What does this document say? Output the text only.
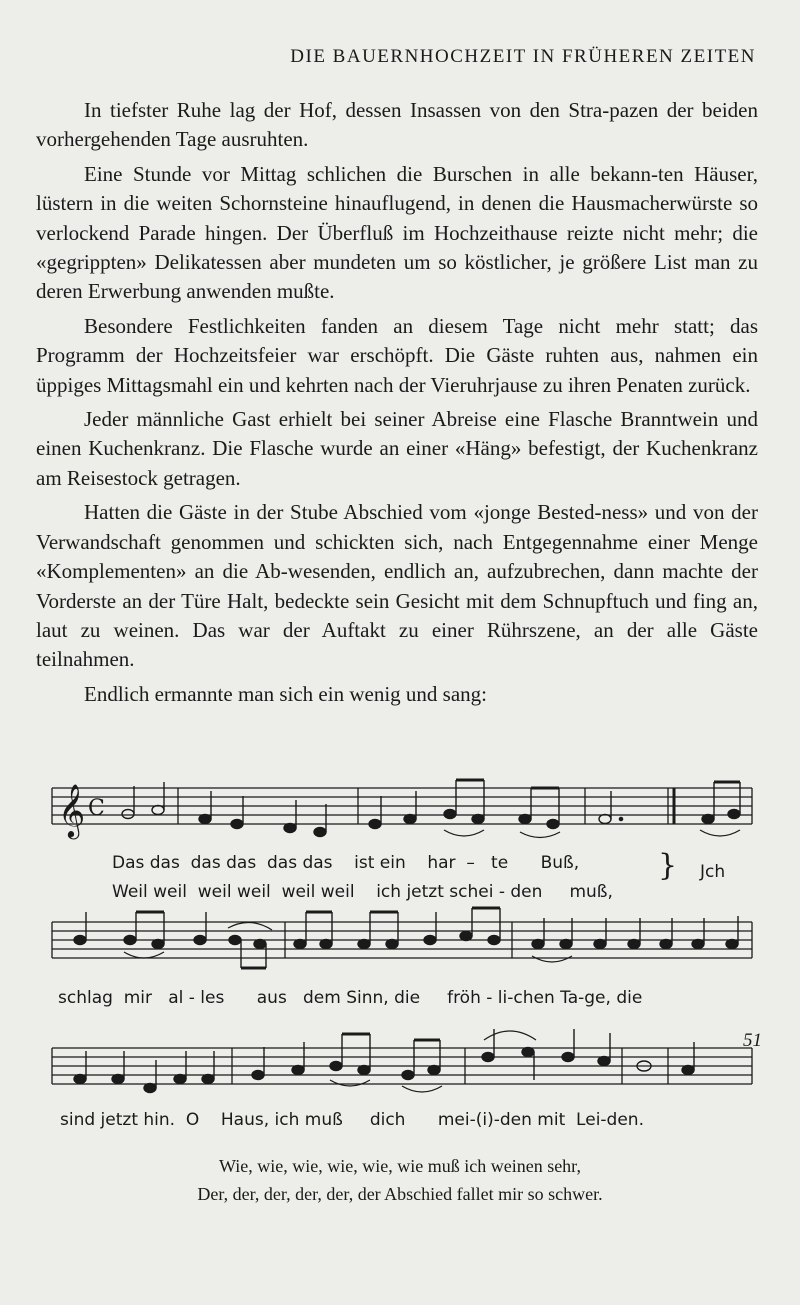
DIE BAUERNHOCHZEIT IN FRÜHEREN ZEITEN

In tiefster Ruhe lag der Hof, dessen Insassen von den Stra-pazen der beiden vorhergehenden Tage ausruhten.

Eine Stunde vor Mittag schlichen die Burschen in alle bekann-ten Häuser, lüstern in die weiten Schornsteine hinauflugend, in denen die Hausmacherwürste so verlockend Parade hingen. Der Überfluß im Hochzeithause reizte nicht mehr; die «gegrippten» Delikatessen aber mundeten um so köstlicher, je größere List man zu deren Erwerbung anwenden mußte.

Besondere Festlichkeiten fanden an diesem Tage nicht mehr statt; das Programm der Hochzeitsfeier war erschöpft. Die Gäste ruhten aus, nahmen ein üppiges Mittagsmahl ein und kehrten nach der Vieruhrjause zu ihren Penaten zurück.

Jeder männliche Gast erhielt bei seiner Abreise eine Flasche Branntwein und einen Kuchenkranz. Die Flasche wurde an einer «Häng» befestigt, der Kuchenkranz am Reisestock getragen.

Hatten die Gäste in der Stube Abschied vom «jonge Bested-ness» und von der Verwandschaft genommen und schickten sich, nach Entgegennahme einer Menge «Komplementen» an die Ab-wesenden, endlich an, aufzubrechen, dann machte der Vorderste an der Türe Halt, bedeckte sein Gesicht mit dem Schnupftuch und fing an, laut zu weinen. Das war der Auftakt zu einer Rührszene, an der alle Gäste teilnahmen.

Endlich ermannte man sich ein wenig und sang:

𝄞 C
Das das  das das  das das    ist ein    har  –   te      Buß,
Weil weil  weil weil  weil weil    ich jetzt schei - den     muß,
} Jch
schlag  mir   al - les      aus   dem Sinn, die     fröh - li-chen Ta-ge, die
sind jetzt hin.  O    Haus, ich muß     dich      mei-(i)-den mit  Lei-den.
Wie, wie, wie, wie, wie, wie muß ich weinen sehr,
Der, der, der, der, der, der Abschied fallet mir so schwer.
51
